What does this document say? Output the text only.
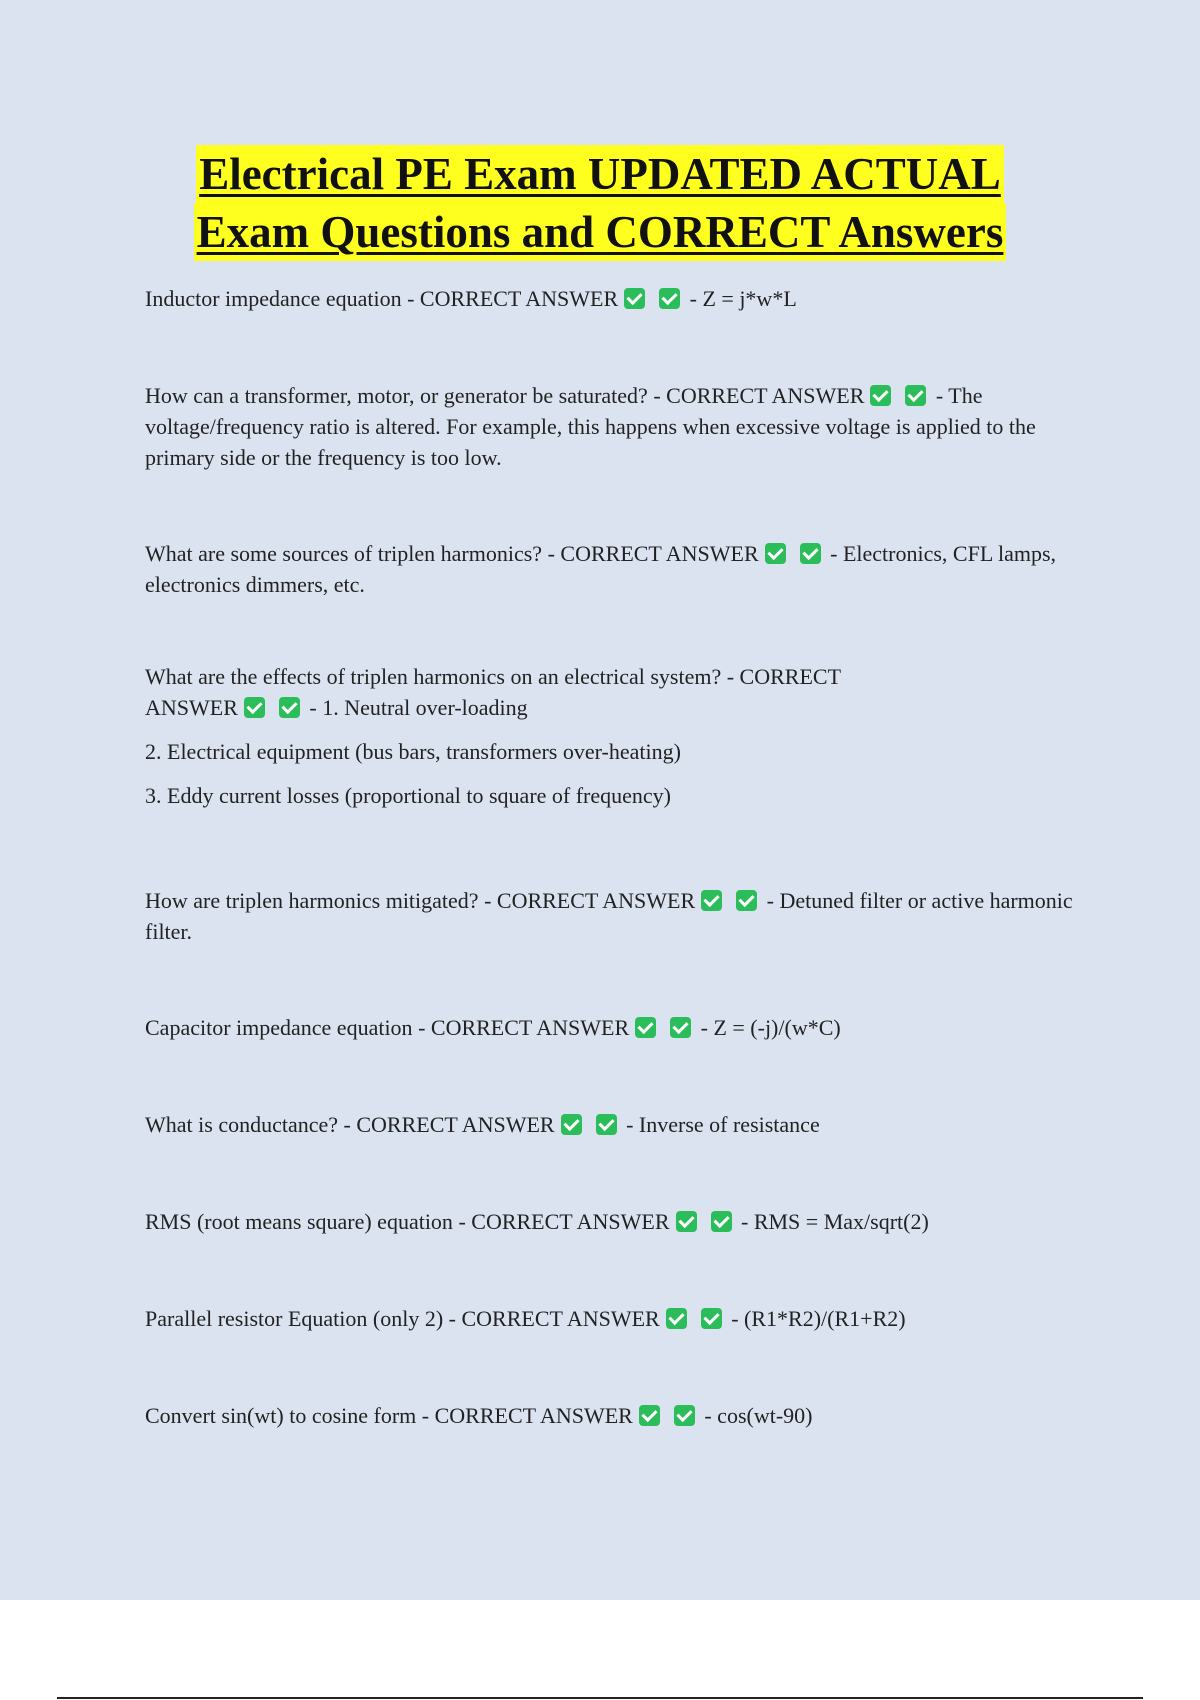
Electrical PE Exam UPDATED ACTUAL
Exam Questions and CORRECT Answers

Inductor impedance equation - CORRECT ANSWER	- Z = j*w*L

How can a transformer, motor, or generator be saturated? - CORRECT ANSWER	- The voltage/frequency ratio is altered. For example, this happens when excessive voltage is applied to the primary side or the frequency is too low.

What are some sources of triplen harmonics? - CORRECT ANSWER	- Electronics, CFL lamps, electronics dimmers, etc.

What are the effects of triplen harmonics on an electrical system? - CORRECT ANSWER	- 1. Neutral over-loading

2. Electrical equipment (bus bars, transformers over-heating)

3. Eddy current losses (proportional to square of frequency)

How are triplen harmonics mitigated? - CORRECT ANSWER	- Detuned filter or active harmonic filter.

Capacitor impedance equation - CORRECT ANSWER	- Z = (-j)/(w*C)

What is conductance? - CORRECT ANSWER	- Inverse of resistance

RMS (root means square) equation - CORRECT ANSWER	- RMS = Max/sqrt(2)

Parallel resistor Equation (only 2) - CORRECT ANSWER	- (R1*R2)/(R1+R2)

Convert sin(wt) to cosine form - CORRECT ANSWER	- cos(wt-90)
